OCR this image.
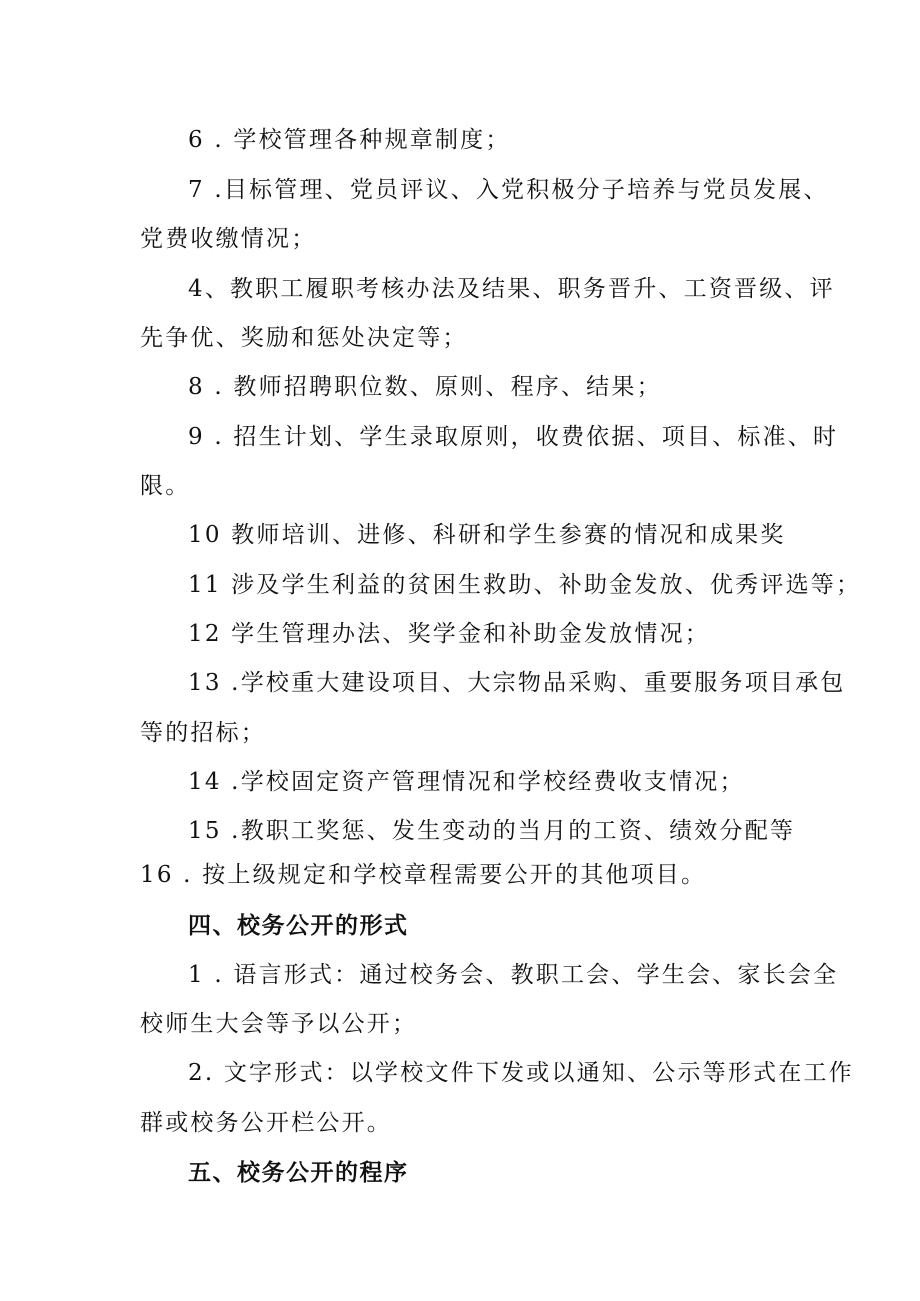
6 . 学校管理各种规章制度；
7 .目标管理、党员评议、入党积极分子培养与党员发展、
党费收缴情况；
4、教职工履职考核办法及结果、职务晋升、工资晋级、评
先争优、奖励和惩处决定等；
8 . 教师招聘职位数、原则、程序、结果；
9 . 招生计划、学生录取原则，收费依据、项目、标准、时
限。
10 教师培训、进修、科研和学生参赛的情况和成果奖
11 涉及学生利益的贫困生救助、补助金发放、优秀评选等；
12 学生管理办法、奖学金和补助金发放情况；
13 .学校重大建设项目、大宗物品采购、重要服务项目承包
等的招标；
14 .学校固定资产管理情况和学校经费收支情况；
15 .教职工奖惩、发生变动的当月的工资、绩效分配等
16 . 按上级规定和学校章程需要公开的其他项目。
四、校务公开的形式
1 . 语言形式：通过校务会、教职工会、学生会、家长会全
校师生大会等予以公开；
2. 文字形式：以学校文件下发或以通知、公示等形式在工作
群或校务公开栏公开。
五、校务公开的程序
